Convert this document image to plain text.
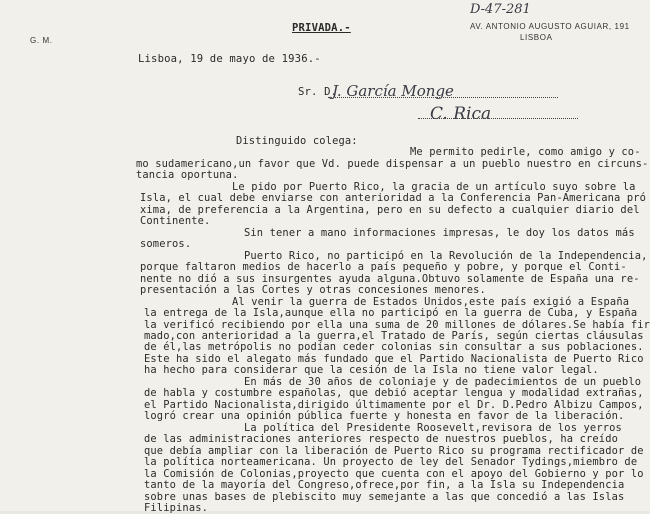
D-47-281
G. M.
PRIVADA.-	AV. ANTONIO AUGUSTO AGUIAR, 191
LISBOA
Lisboa, 19 de mayo de 1936.-
Sr. D.
J. García Monge
C. Rica
Distinguido colega:
Me permito pedirle, como amigo y co-
mo sudamericano,un favor que Vd. puede dispensar a un pueblo nuestro en circuns-
tancia oportuna.
Le pido por Puerto Rico, la gracia de un artículo suyo sobre la
Isla, el cual debe enviarse con anterioridad a la Conferencia Pan-Americana pró
xima, de preferencia a la Argentina, pero en su defecto a cualquier diario del
Continente.
Sin tener a mano informaciones impresas, le doy los datos más
someros.
Puerto Rico, no participó en la Revolución de la Independencia,
porque faltaron medios de hacerlo a país pequeño y pobre, y porque el Conti-
nente no dió a sus insurgentes ayuda alguna.Obtuvo solamente de España una re-
presentación a las Cortes y otras concesiones menores.
Al venir la guerra de Estados Unidos,este país exigió a España
la entrega de la Isla,aunque ella no participó en la guerra de Cuba, y España
la verificó recibiendo por ella una suma de 20 millones de dólares.Se había fir
mado,con anterioridad a la guerra,el Tratado de París, según ciertas cláusulas
de él,las metrópolis no podían ceder colonias sin consultar a sus poblaciones.
Este ha sido el alegato más fundado que el Partido Nacionalista de Puerto Rico
ha hecho para considerar que la cesión de la Isla no tiene valor legal.
En más de 30 años de coloniaje y de padecimientos de un pueblo
de habla y costumbre españolas, que debió aceptar lengua y modalidad extrañas,
el Partido Nacionalista,dirigido últimamente por el Dr. D.Pedro Albizu Campos,
logró crear una opinión pública fuerte y honesta en favor de la liberación.
La política del Presidente Roosevelt,revisora de los yerros
de las administraciones anteriores respecto de nuestros pueblos, ha creído
que debía ampliar con la liberación de Puerto Rico su programa rectificador de
la política norteamericana. Un proyecto de ley del Senador Tydings,miembro de
la Comisión de Colonias,proyecto que cuenta con el apoyo del Gobierno y por lo
tanto de la mayoría del Congreso,ofrece,por fin, a la Isla su Independencia
sobre unas bases de plebiscito muy semejante a las que concedió a las Islas
Filipinas.
